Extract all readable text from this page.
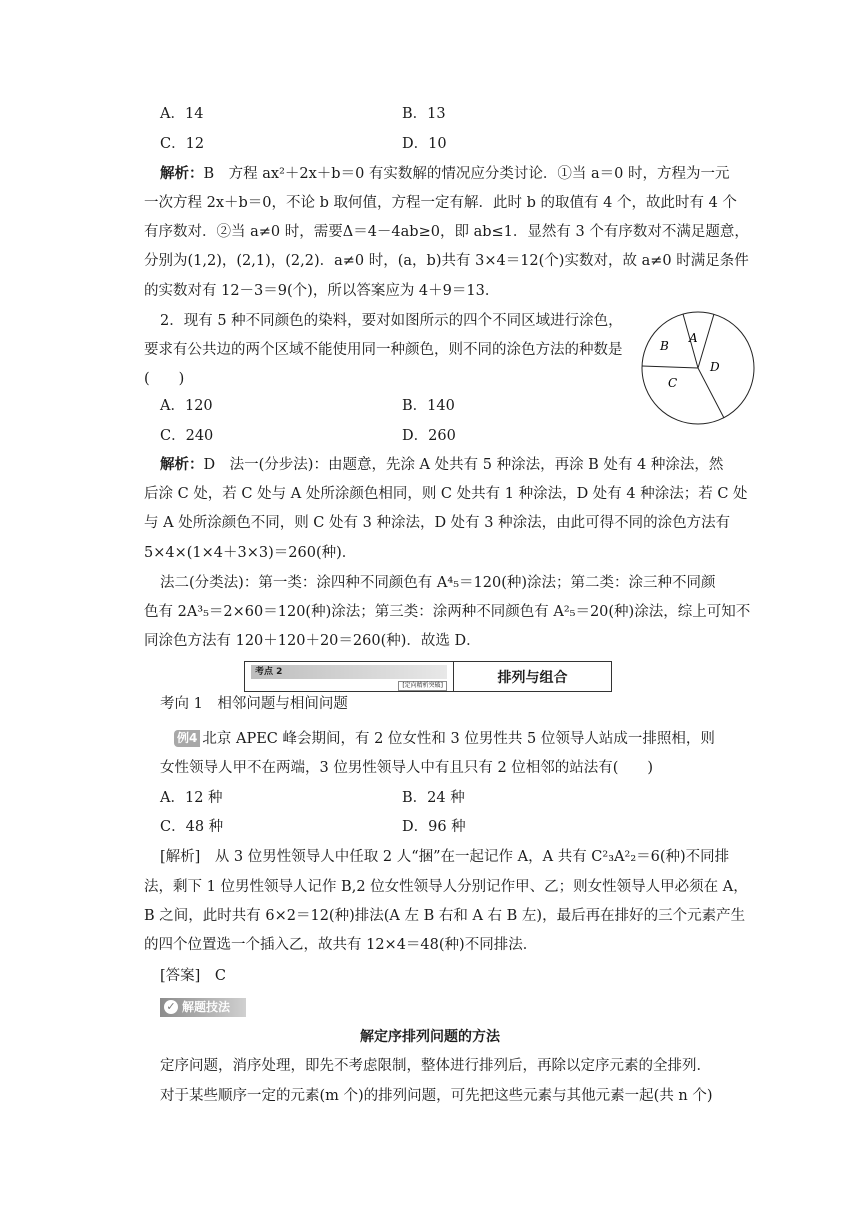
A．14	B．13
C．12	D．10
解析：B　方程 ax²＋2x＋b＝0 有实数解的情况应分类讨论．①当 a＝0 时，方程为一元
一次方程 2x＋b＝0，不论 b 取何值，方程一定有解．此时 b 的取值有 4 个，故此时有 4 个
有序数对．②当 a≠0 时，需要Δ＝4－4ab≥0，即 ab≤1．显然有 3 个有序数对不满足题意，
分别为(1,2)，(2,1)，(2,2)．a≠0 时，(a，b)共有 3×4＝12(个)实数对，故 a≠0 时满足条件
的实数对有 12－3＝9(个)，所以答案应为 4＋9＝13．
2．现有 5 种不同颜色的染料，要对如图所示的四个不同区域进行涂色，
要求有公共边的两个区域不能使用同一种颜色，则不同的涂色方法的种数是
(　　)
A
B
C
D
A．120	B．140
C．240	D．260
解析：D　法一(分步法)：由题意，先涂 A 处共有 5 种涂法，再涂 B 处有 4 种涂法，然
后涂 C 处，若 C 处与 A 处所涂颜色相同，则 C 处共有 1 种涂法，D 处有 4 种涂法；若 C 处
与 A 处所涂颜色不同，则 C 处有 3 种涂法，D 处有 3 种涂法，由此可得不同的涂色方法有
5×4×(1×4＋3×3)＝260(种)．
法二(分类法)：第一类：涂四种不同颜色有 A⁴₅＝120(种)涂法；第二类：涂三种不同颜
色有 2A³₅＝2×60＝120(种)涂法；第三类：涂两种不同颜色有 A²₅＝20(种)涂法，综上可知不
同涂色方法有 120＋120＋20＝260(种)．故选 D．
考点 2
[定向精析突破]	排列与组合
考向 1　相邻问题与相间问题
例4 北京 APEC 峰会期间，有 2 位女性和 3 位男性共 5 位领导人站成一排照相，则
女性领导人甲不在两端，3 位男性领导人中有且只有 2 位相邻的站法有(　　)
A．12 种	B．24 种
C．48 种	D．96 种
[解析]　从 3 位男性领导人中任取 2 人“捆”在一起记作 A，A 共有 C²₃A²₂＝6(种)不同排
法，剩下 1 位男性领导人记作 B,2 位女性领导人分别记作甲、乙；则女性领导人甲必须在 A，
B 之间，此时共有 6×2＝12(种)排法(A 左 B 右和 A 右 B 左)，最后再在排好的三个元素产生
的四个位置选一个插入乙，故共有 12×4＝48(种)不同排法．
[答案]　C
✓ 解题技法
解定序排列问题的方法
定序问题，消序处理，即先不考虑限制，整体进行排列后，再除以定序元素的全排列．
对于某些顺序一定的元素(m 个)的排列问题，可先把这些元素与其他元素一起(共 n 个)
